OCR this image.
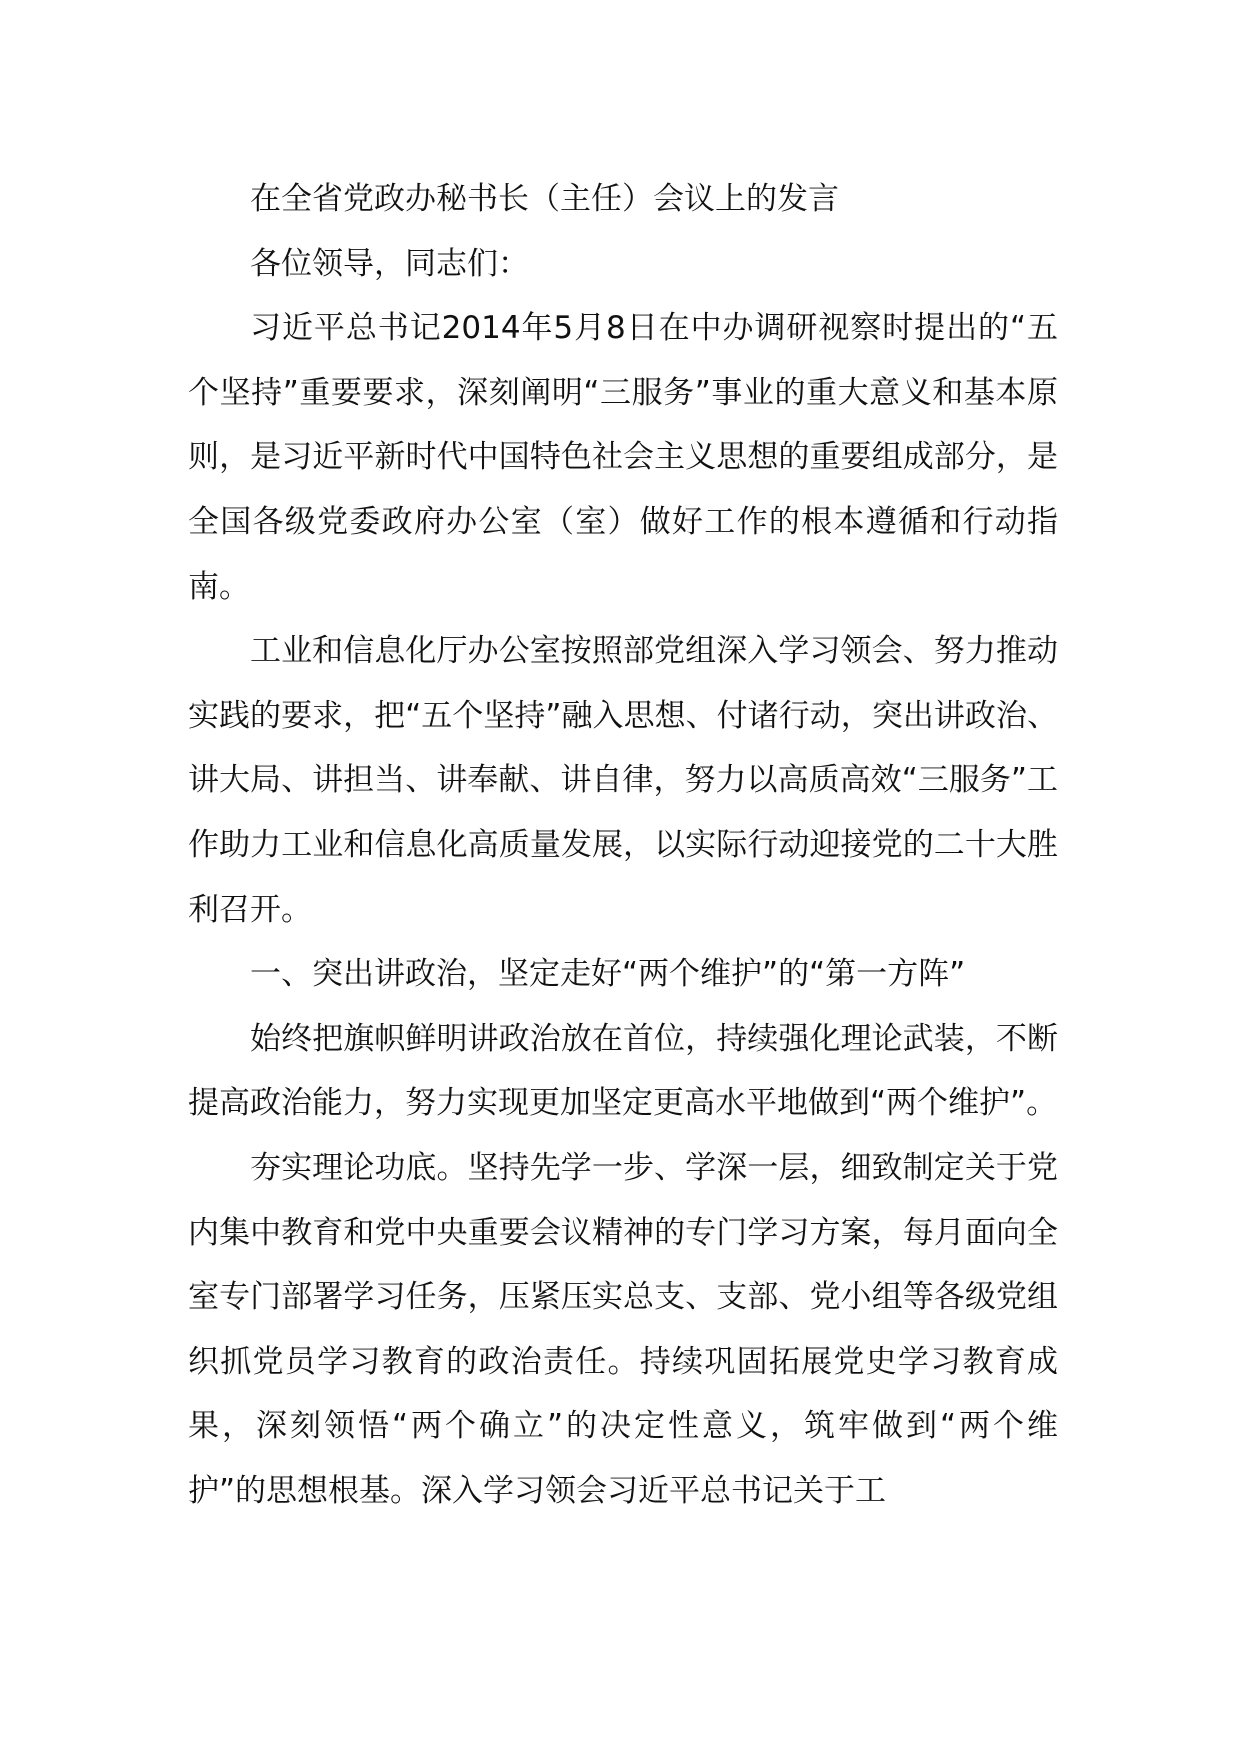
在全省党政办秘书长（主任）会议上的发言

各位领导，同志们：

习近平总书记2014年5月8日在中办调研视察时提出的“五个坚持”重要要求，深刻阐明“三服务”事业的重大意义和基本原则，是习近平新时代中国特色社会主义思想的重要组成部分，是全国各级党委政府办公室（室）做好工作的根本遵循和行动指南。

工业和信息化厅办公室按照部党组深入学习领会、努力推动实践的要求，把“五个坚持”融入思想、付诸行动，突出讲政治、讲大局、讲担当、讲奉献、讲自律，努力以高质高效“三服务”工作助力工业和信息化高质量发展，以实际行动迎接党的二十大胜利召开。

一、突出讲政治，坚定走好“两个维护”的“第一方阵”

始终把旗帜鲜明讲政治放在首位，持续强化理论武装，不断提高政治能力，努力实现更加坚定更高水平地做到“两个维护”。

夯实理论功底。坚持先学一步、学深一层，细致制定关于党内集中教育和党中央重要会议精神的专门学习方案，每月面向全室专门部署学习任务，压紧压实总支、支部、党小组等各级党组织抓党员学习教育的政治责任。持续巩固拓展党史学习教育成果，深刻领悟“两个确立”的决定性意义，筑牢做到“两个维护”的思想根基。深入学习领会习近平总书记关于工
